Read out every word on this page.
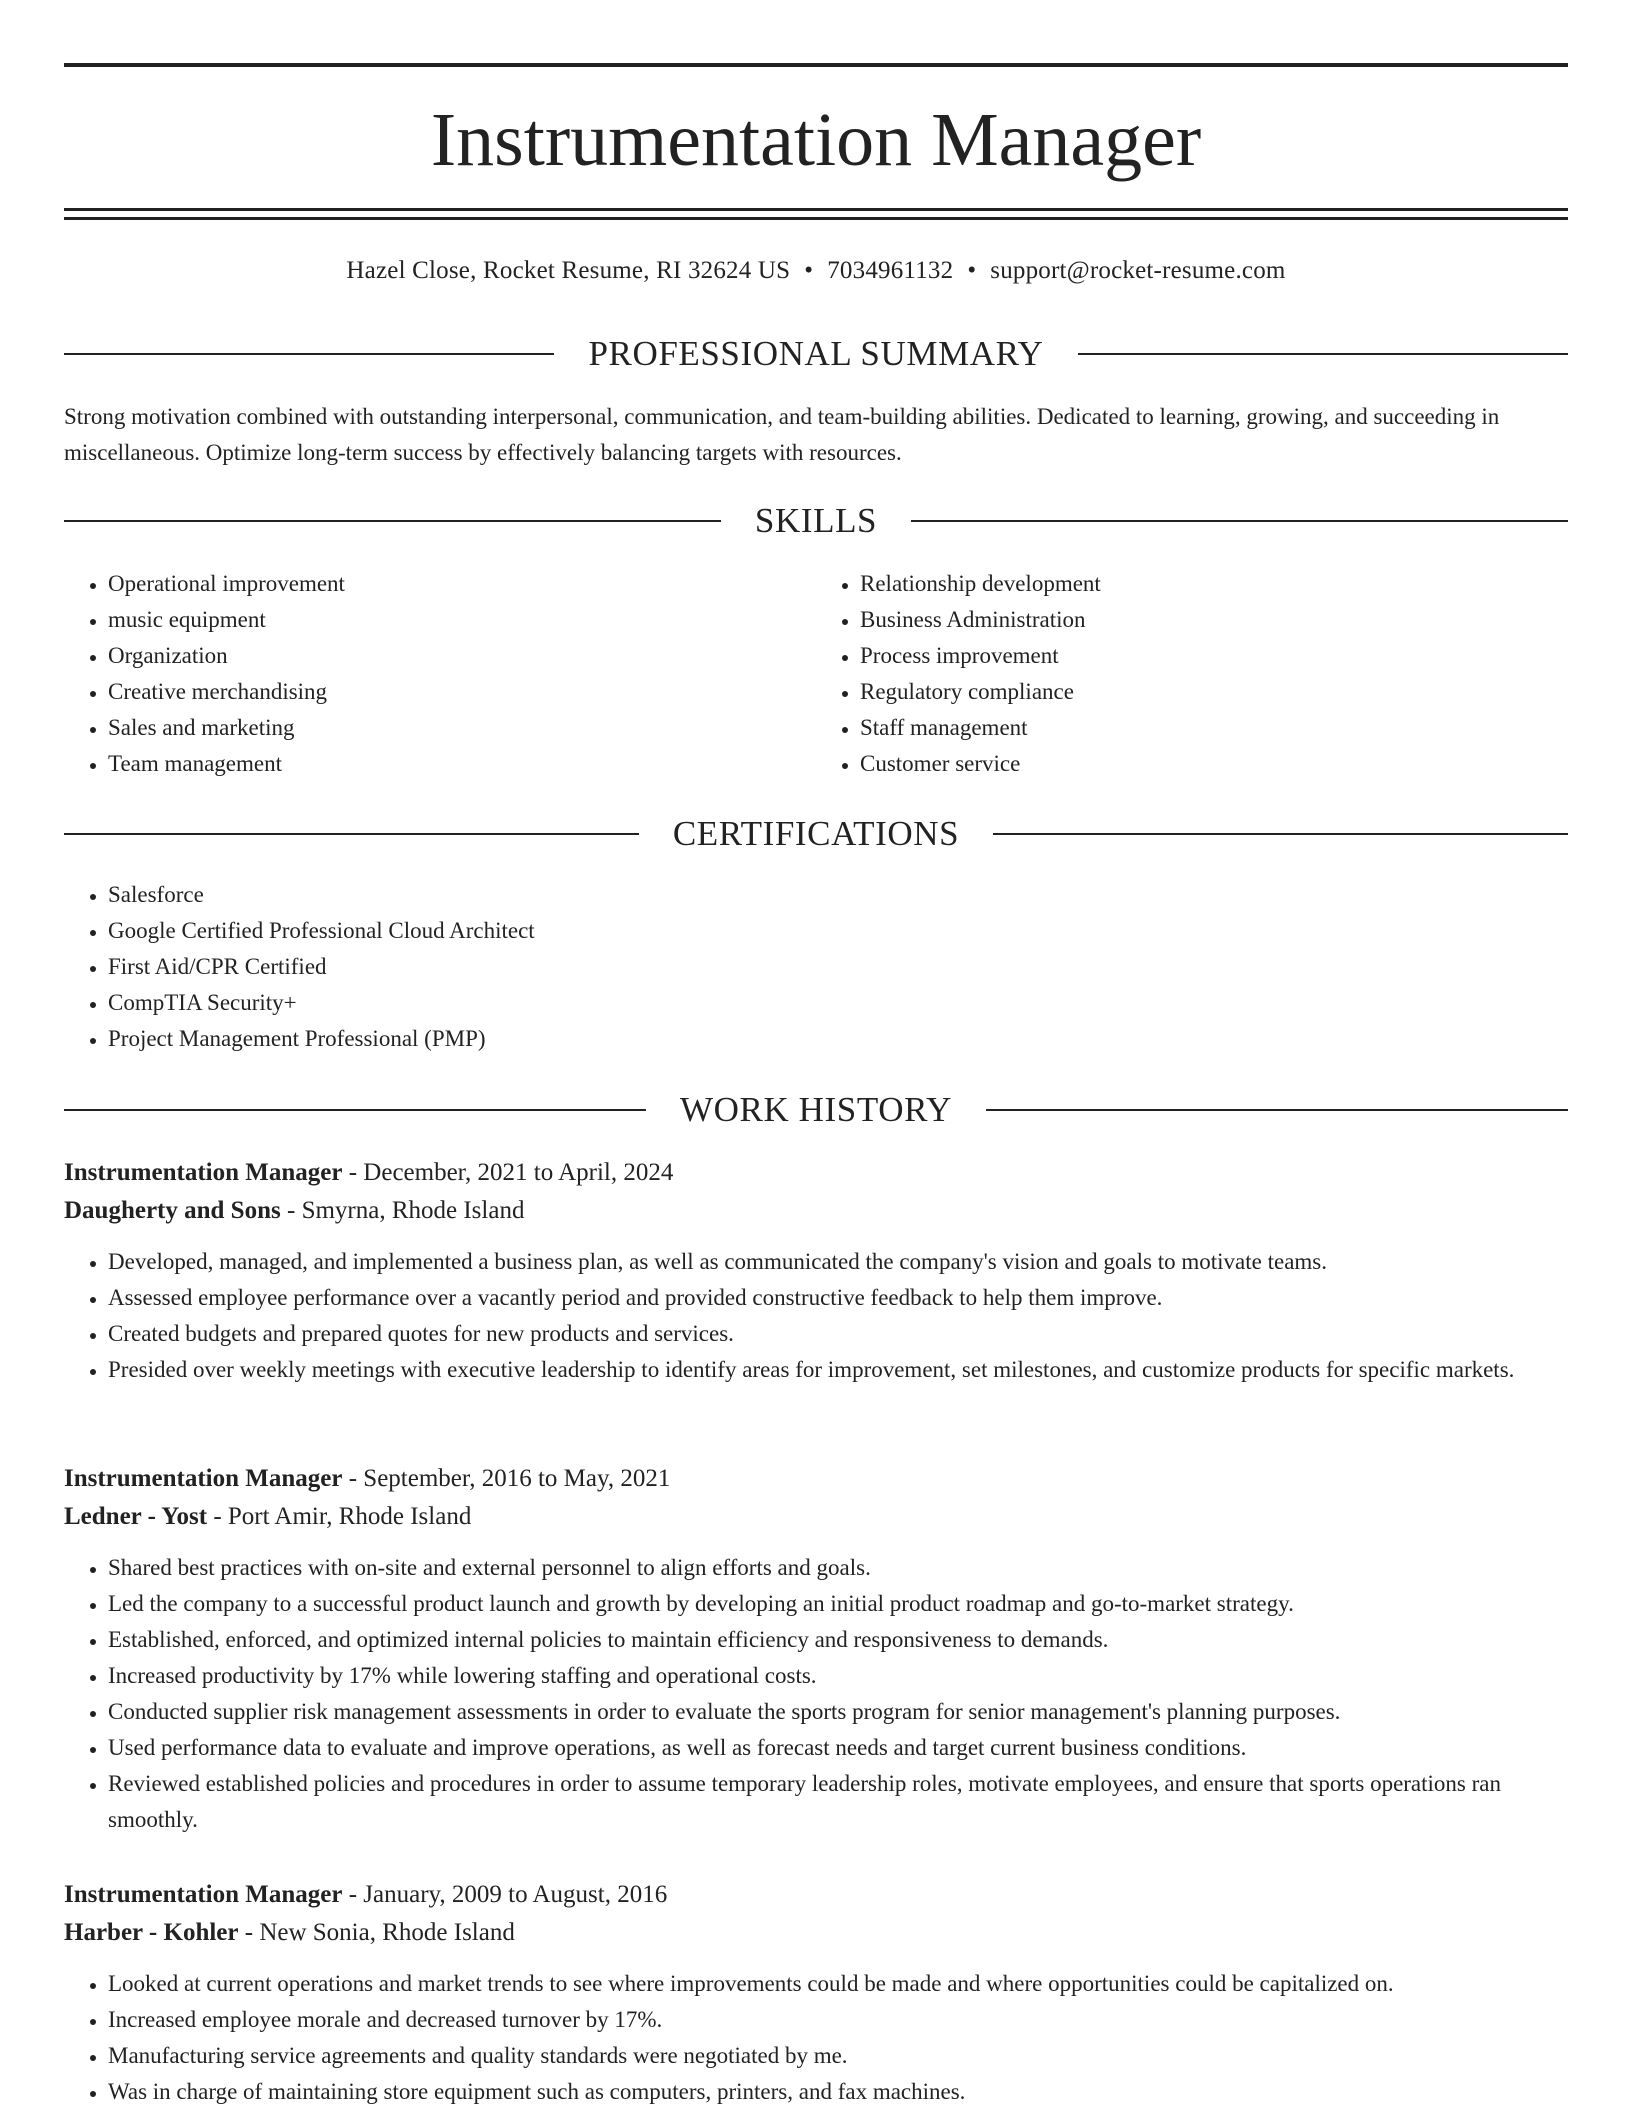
Instrumentation Manager
Hazel Close, Rocket Resume, RI 32624 US • 7034961132 • support@rocket-resume.com
PROFESSIONAL SUMMARY
Strong motivation combined with outstanding interpersonal, communication, and team-building abilities. Dedicated to learning, growing, and succeeding in miscellaneous. Optimize long-term success by effectively balancing targets with resources.
SKILLS
• Operational improvement
• music equipment
• Organization
• Creative merchandising
• Sales and marketing
• Team management
• Relationship development
• Business Administration
• Process improvement
• Regulatory compliance
• Staff management
• Customer service
CERTIFICATIONS
• Salesforce
• Google Certified Professional Cloud Architect
• First Aid/CPR Certified
• CompTIA Security+
• Project Management Professional (PMP)
WORK HISTORY
Instrumentation Manager - December, 2021 to April, 2024
Daugherty and Sons - Smyrna, Rhode Island
• Developed, managed, and implemented a business plan, as well as communicated the company's vision and goals to motivate teams.
• Assessed employee performance over a vacantly period and provided constructive feedback to help them improve.
• Created budgets and prepared quotes for new products and services.
• Presided over weekly meetings with executive leadership to identify areas for improvement, set milestones, and customize products for specific markets.
Instrumentation Manager - September, 2016 to May, 2021
Ledner - Yost - Port Amir, Rhode Island
• Shared best practices with on-site and external personnel to align efforts and goals.
• Led the company to a successful product launch and growth by developing an initial product roadmap and go-to-market strategy.
• Established, enforced, and optimized internal policies to maintain efficiency and responsiveness to demands.
• Increased productivity by 17% while lowering staffing and operational costs.
• Conducted supplier risk management assessments in order to evaluate the sports program for senior management's planning purposes.
• Used performance data to evaluate and improve operations, as well as forecast needs and target current business conditions.
• Reviewed established policies and procedures in order to assume temporary leadership roles, motivate employees, and ensure that sports operations ran smoothly.
Instrumentation Manager - January, 2009 to August, 2016
Harber - Kohler - New Sonia, Rhode Island
• Looked at current operations and market trends to see where improvements could be made and where opportunities could be capitalized on.
• Increased employee morale and decreased turnover by 17%.
• Manufacturing service agreements and quality standards were negotiated by me.
• Was in charge of maintaining store equipment such as computers, printers, and fax machines.
